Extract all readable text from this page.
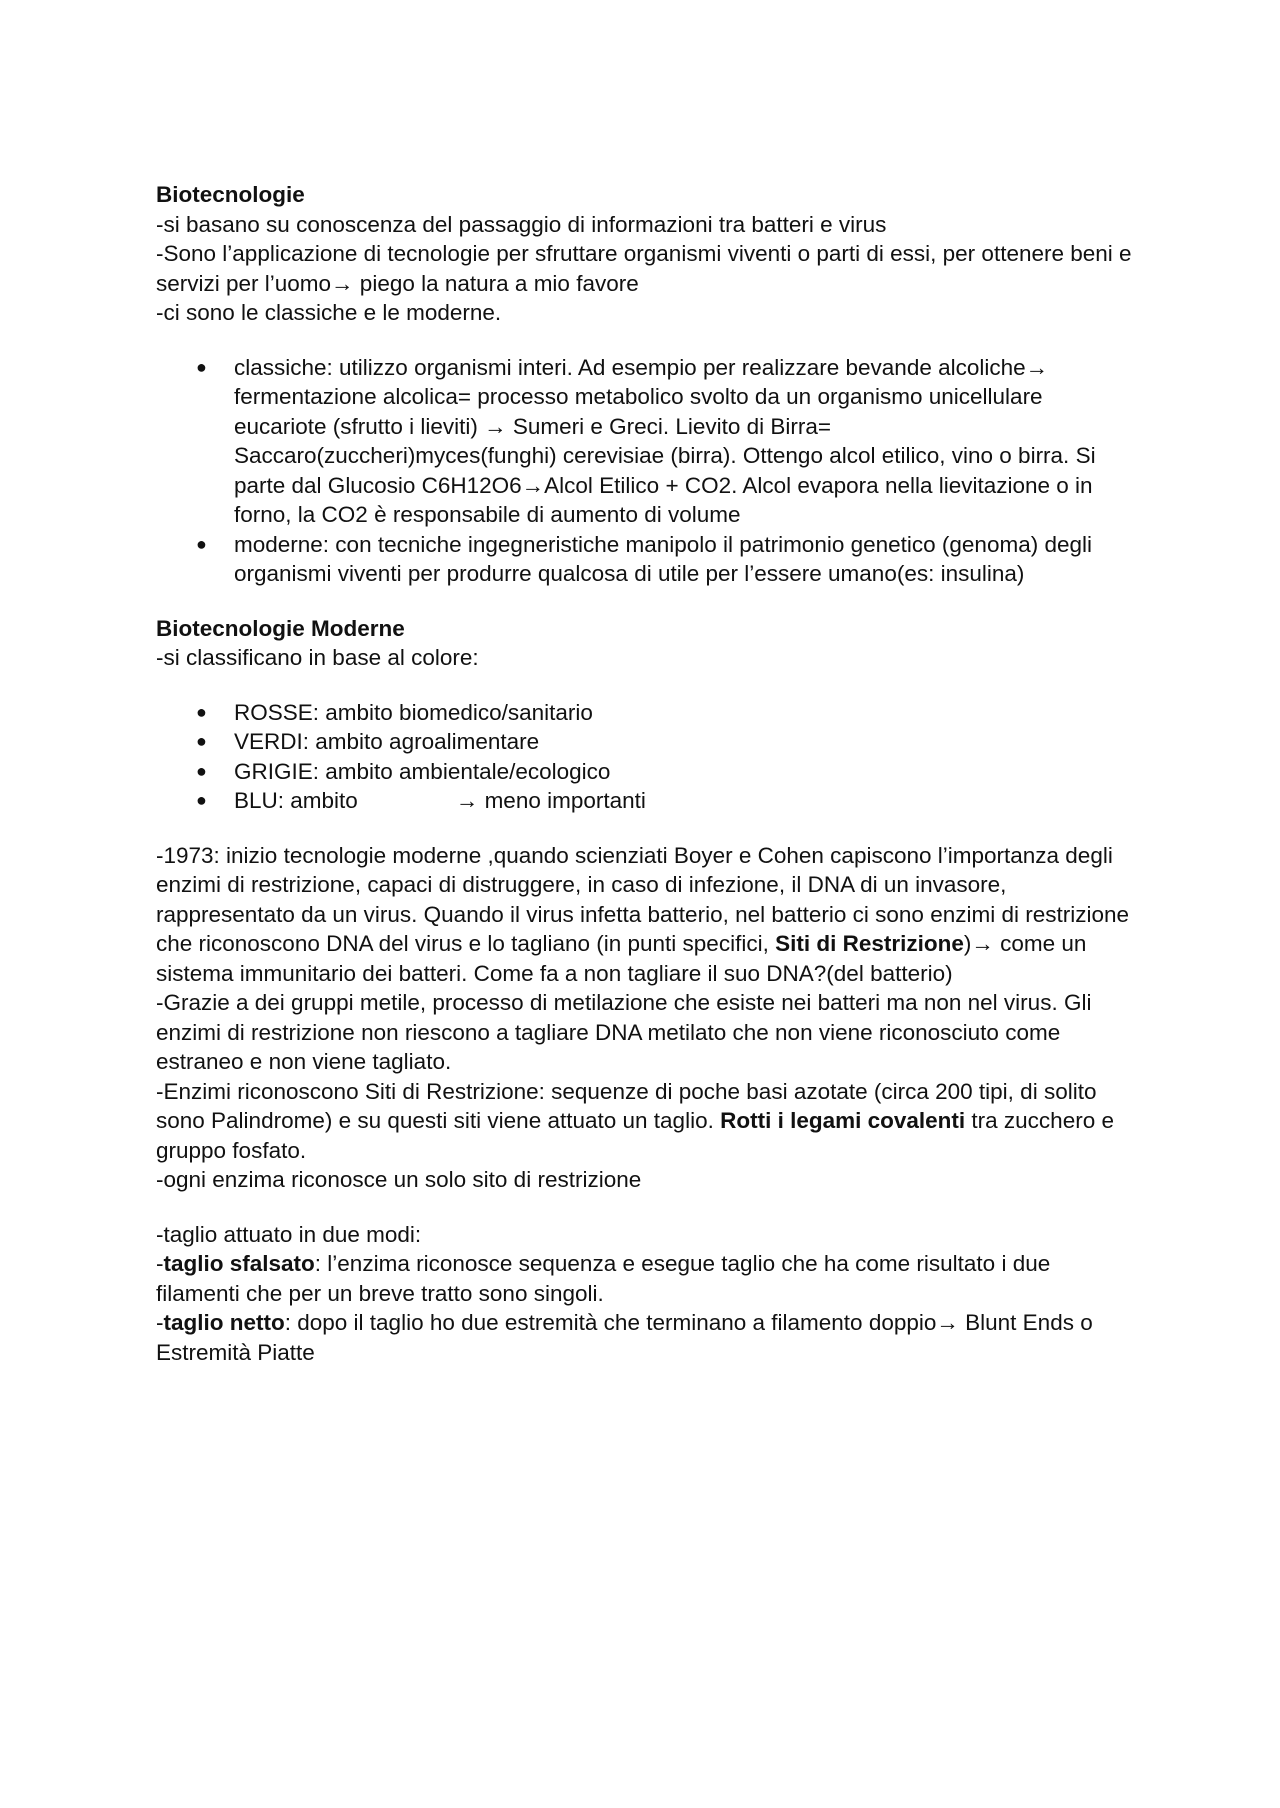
Biotecnologie

-si basano su conoscenza del passaggio di informazioni tra batteri e virus

-Sono l’applicazione di tecnologie per sfruttare organismi viventi o parti di essi, per ottenere beni e servizi per l’uomo→ piego la natura a mio favore

-ci sono le classiche e le moderne.

● classiche: utilizzo organismi interi. Ad esempio per realizzare bevande alcoliche→ fermentazione alcolica= processo metabolico svolto da un organismo unicellulare eucariote (sfrutto i lieviti) → Sumeri e Greci. Lievito di Birra= Saccaro(zuccheri)myces(funghi) cerevisiae (birra). Ottengo alcol etilico, vino o birra. Si parte dal Glucosio C6H12O6→Alcol Etilico + CO2. Alcol evapora nella lievitazione o in forno, la CO2 è responsabile di aumento di volume
● moderne: con tecniche ingegneristiche manipolo il patrimonio genetico (genoma) degli organismi viventi per produrre qualcosa di utile per l’essere umano(es: insulina)

Biotecnologie Moderne

-si classificano in base al colore:

● ROSSE: ambito biomedico/sanitario
● VERDI: ambito agroalimentare
● GRIGIE: ambito ambientale/ecologico
● BLU: ambito	→ meno importanti

-1973: inizio tecnologie moderne ,quando scienziati Boyer e Cohen capiscono l’importanza degli enzimi di restrizione, capaci di distruggere, in caso di infezione, il DNA di un invasore, rappresentato da un virus. Quando il virus infetta batterio, nel batterio ci sono enzimi di restrizione che riconoscono DNA del virus e lo tagliano (in punti specifici, Siti di Restrizione)→ come un sistema immunitario dei batteri. Come fa a non tagliare il suo DNA?(del batterio)

-Grazie a dei gruppi metile, processo di metilazione che esiste nei batteri ma non nel virus. Gli enzimi di restrizione non riescono a tagliare DNA metilato che non viene riconosciuto come estraneo e non viene tagliato.

-Enzimi riconoscono Siti di Restrizione: sequenze di poche basi azotate (circa 200 tipi, di solito sono Palindrome) e su questi siti viene attuato un taglio. Rotti i legami covalenti tra zucchero e gruppo fosfato.

-ogni enzima riconosce un solo sito di restrizione

-taglio attuato in due modi:

-taglio sfalsato: l’enzima riconosce sequenza e esegue taglio che ha come risultato i due filamenti che per un breve tratto sono singoli.

-taglio netto: dopo il taglio ho due estremità che terminano a filamento doppio→ Blunt Ends o Estremità Piatte
